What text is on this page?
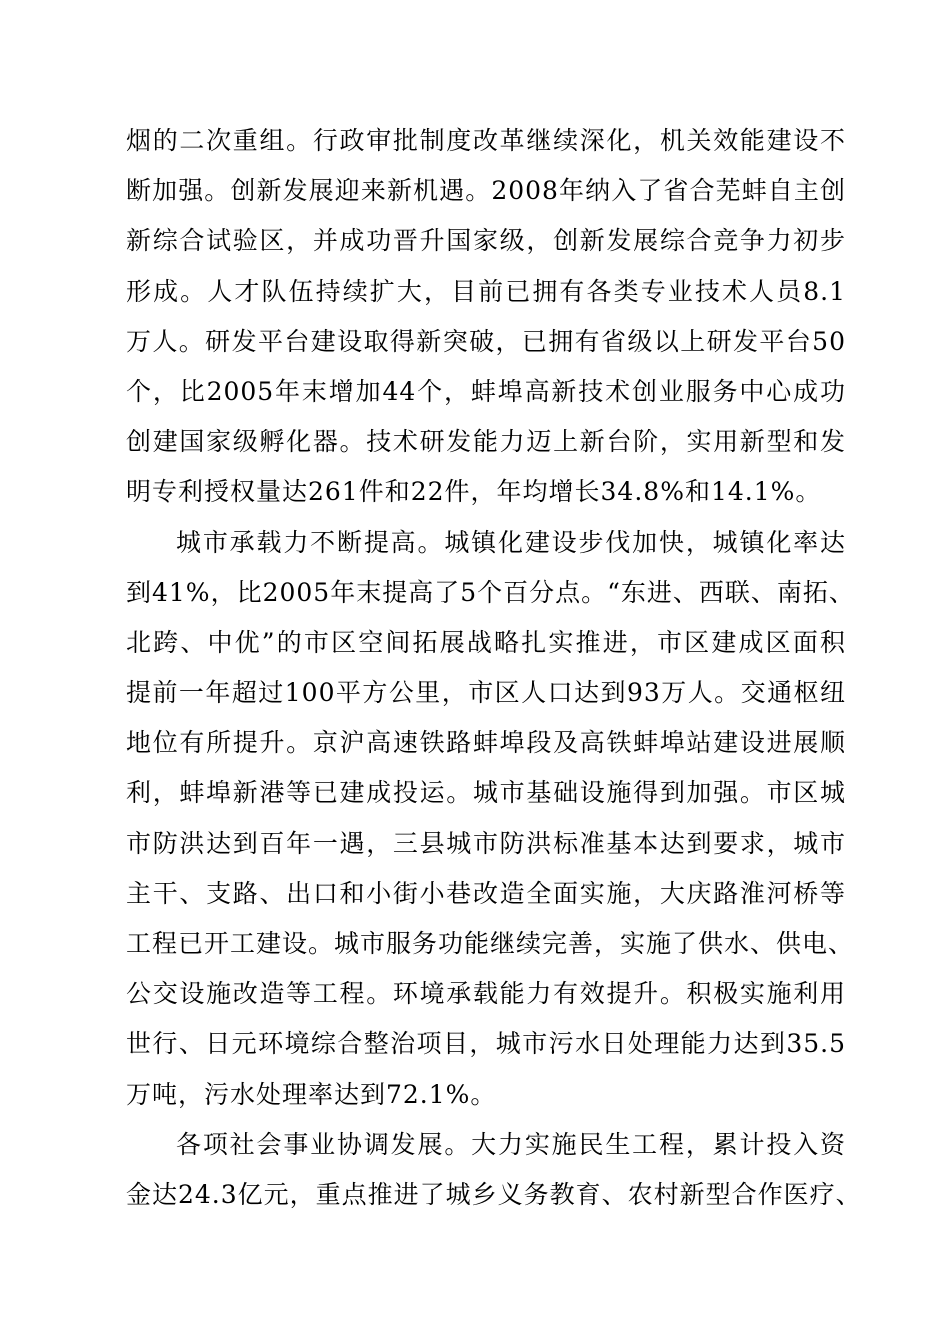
烟的二次重组。行政审批制度改革继续深化，机关效能建设不
断加强。创新发展迎来新机遇。2008年纳入了省合芜蚌自主创
新综合试验区，并成功晋升国家级，创新发展综合竞争力初步
形成。人才队伍持续扩大，目前已拥有各类专业技术人员8.1
万人。研发平台建设取得新突破，已拥有省级以上研发平台50
个，比2005年末增加44个，蚌埠高新技术创业服务中心成功
创建国家级孵化器。技术研发能力迈上新台阶，实用新型和发
明专利授权量达261件和22件，年均增长34.8%和14.1%。
城市承载力不断提高。城镇化建设步伐加快，城镇化率达
到41%，比2005年末提高了5个百分点。“东进、西联、南拓、
北跨、中优”的市区空间拓展战略扎实推进，市区建成区面积
提前一年超过100平方公里，市区人口达到93万人。交通枢纽
地位有所提升。京沪高速铁路蚌埠段及高铁蚌埠站建设进展顺
利，蚌埠新港等已建成投运。城市基础设施得到加强。市区城
市防洪达到百年一遇，三县城市防洪标准基本达到要求，城市
主干、支路、出口和小街小巷改造全面实施，大庆路淮河桥等
工程已开工建设。城市服务功能继续完善，实施了供水、供电、
公交设施改造等工程。环境承载能力有效提升。积极实施利用
世行、日元环境综合整治项目，城市污水日处理能力达到35.5
万吨，污水处理率达到72.1%。
各项社会事业协调发展。大力实施民生工程，累计投入资
金达24.3亿元，重点推进了城乡义务教育、农村新型合作医疗、
